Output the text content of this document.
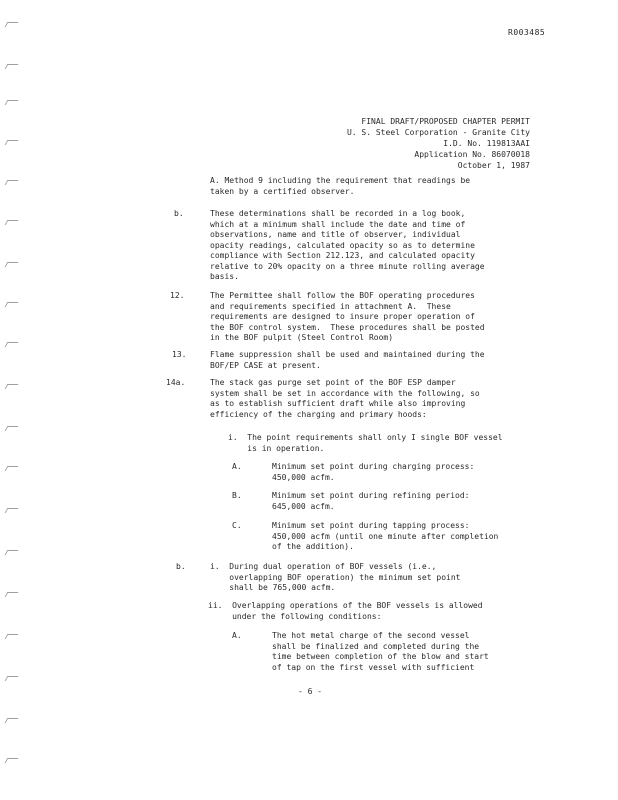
R003485
FINAL DRAFT/PROPOSED CHAPTER PERMIT
U. S. Steel Corporation - Granite City
I.D. No. 119813AAI
Application No. 86070018
October 1, 1987
A. Method 9 including the requirement that readings be
taken by a certified observer.
b.	These determinations shall be recorded in a log book,
which at a minimum shall include the date and time of
observations, name and title of observer, individual
opacity readings, calculated opacity so as to determine
compliance with Section 212.123, and calculated opacity
relative to 20% opacity on a three minute rolling average
basis.
12.	The Permittee shall follow the BOF operating procedures
and requirements specified in attachment A.  These
requirements are designed to insure proper operation of
the BOF control system.  These procedures shall be posted
in the BOF pulpit (Steel Control Room)
13.	Flame suppression shall be used and maintained during the
BOF/EP CASE at present.
14a.	The stack gas purge set point of the BOF ESP damper
system shall be set in accordance with the following, so
as to establish sufficient draft while also improving
efficiency of the charging and primary hoods:
i.  The point requirements shall only I single BOF vessel
is in operation.
A.	Minimum set point during charging process:
450,000 acfm.
B.	Minimum set point during refining period:
645,000 acfm.
C.	Minimum set point during tapping process:
450,000 acfm (until one minute after completion
of the addition).
b.	i.  During dual operation of BOF vessels (i.e.,
overlapping BOF operation) the minimum set point
shall be 765,000 acfm.
ii.  Overlapping operations of the BOF vessels is allowed
under the following conditions:
A.	The hot metal charge of the second vessel
shall be finalized and completed during the
time between completion of the blow and start
of tap on the first vessel with sufficient
- 6 -
